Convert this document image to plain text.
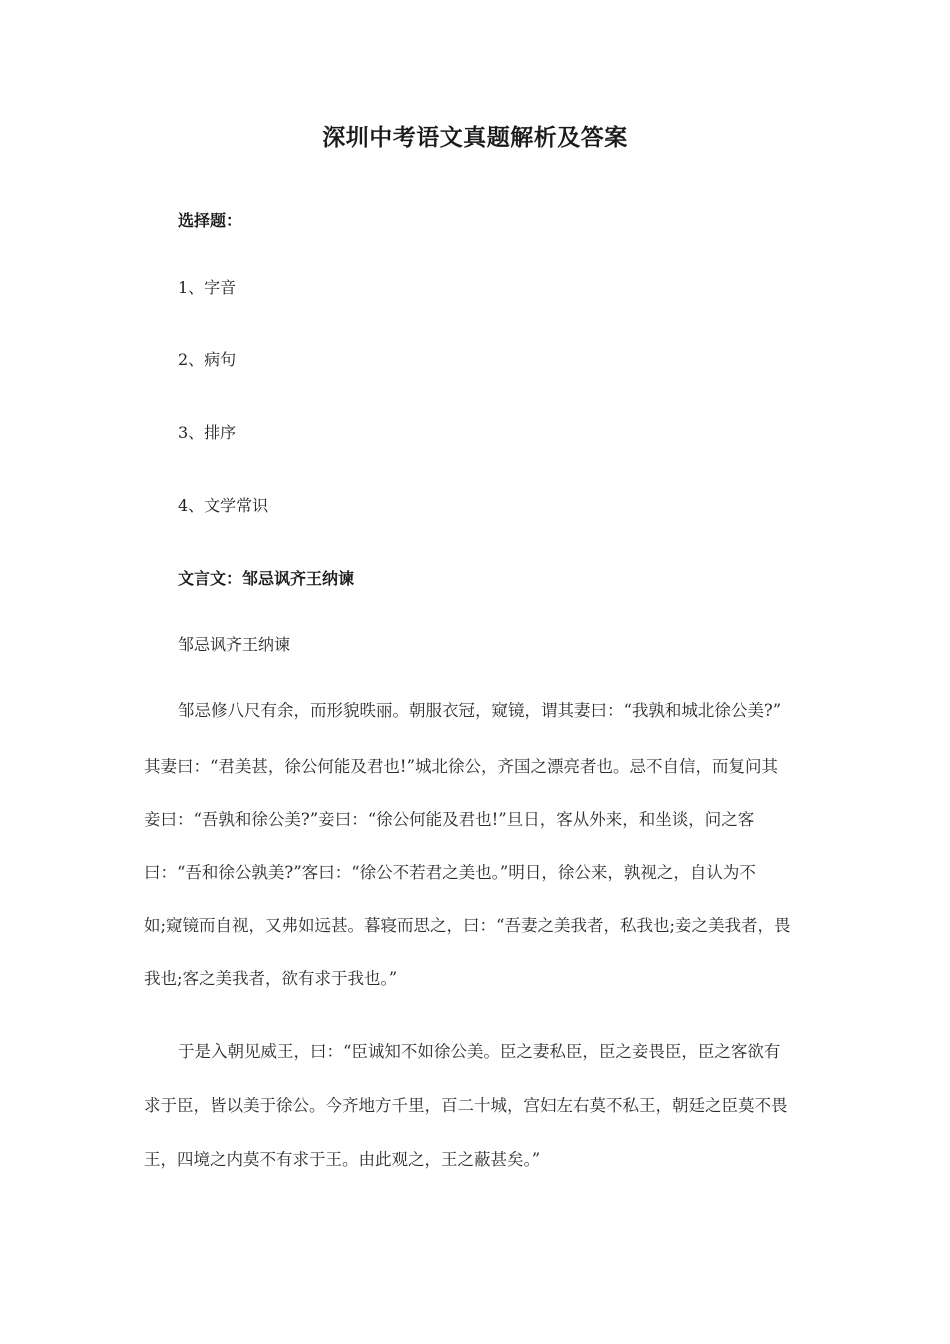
深圳中考语文真题解析及答案
选择题：
1、字音
2、病句
3、排序
4、文学常识
文言文：邹忌讽齐王纳谏
邹忌讽齐王纳谏
邹忌修八尺有余，而形貌昳丽。朝服衣冠，窥镜，谓其妻曰：“我孰和城北徐公美?”
其妻曰：“君美甚，徐公何能及君也!”城北徐公，齐国之漂亮者也。忌不自信，而复问其
妾曰：“吾孰和徐公美?”妾曰：“徐公何能及君也!”旦日，客从外来，和坐谈，问之客
曰：“吾和徐公孰美?”客曰：“徐公不若君之美也。”明日，徐公来，孰视之，自认为不
如;窥镜而自视，又弗如远甚。暮寝而思之，曰：“吾妻之美我者，私我也;妾之美我者，畏
我也;客之美我者，欲有求于我也。”
于是入朝见威王，曰：“臣诚知不如徐公美。臣之妻私臣，臣之妾畏臣，臣之客欲有
求于臣，皆以美于徐公。今齐地方千里，百二十城，宫妇左右莫不私王，朝廷之臣莫不畏
王，四境之内莫不有求于王。由此观之，王之蔽甚矣。”
